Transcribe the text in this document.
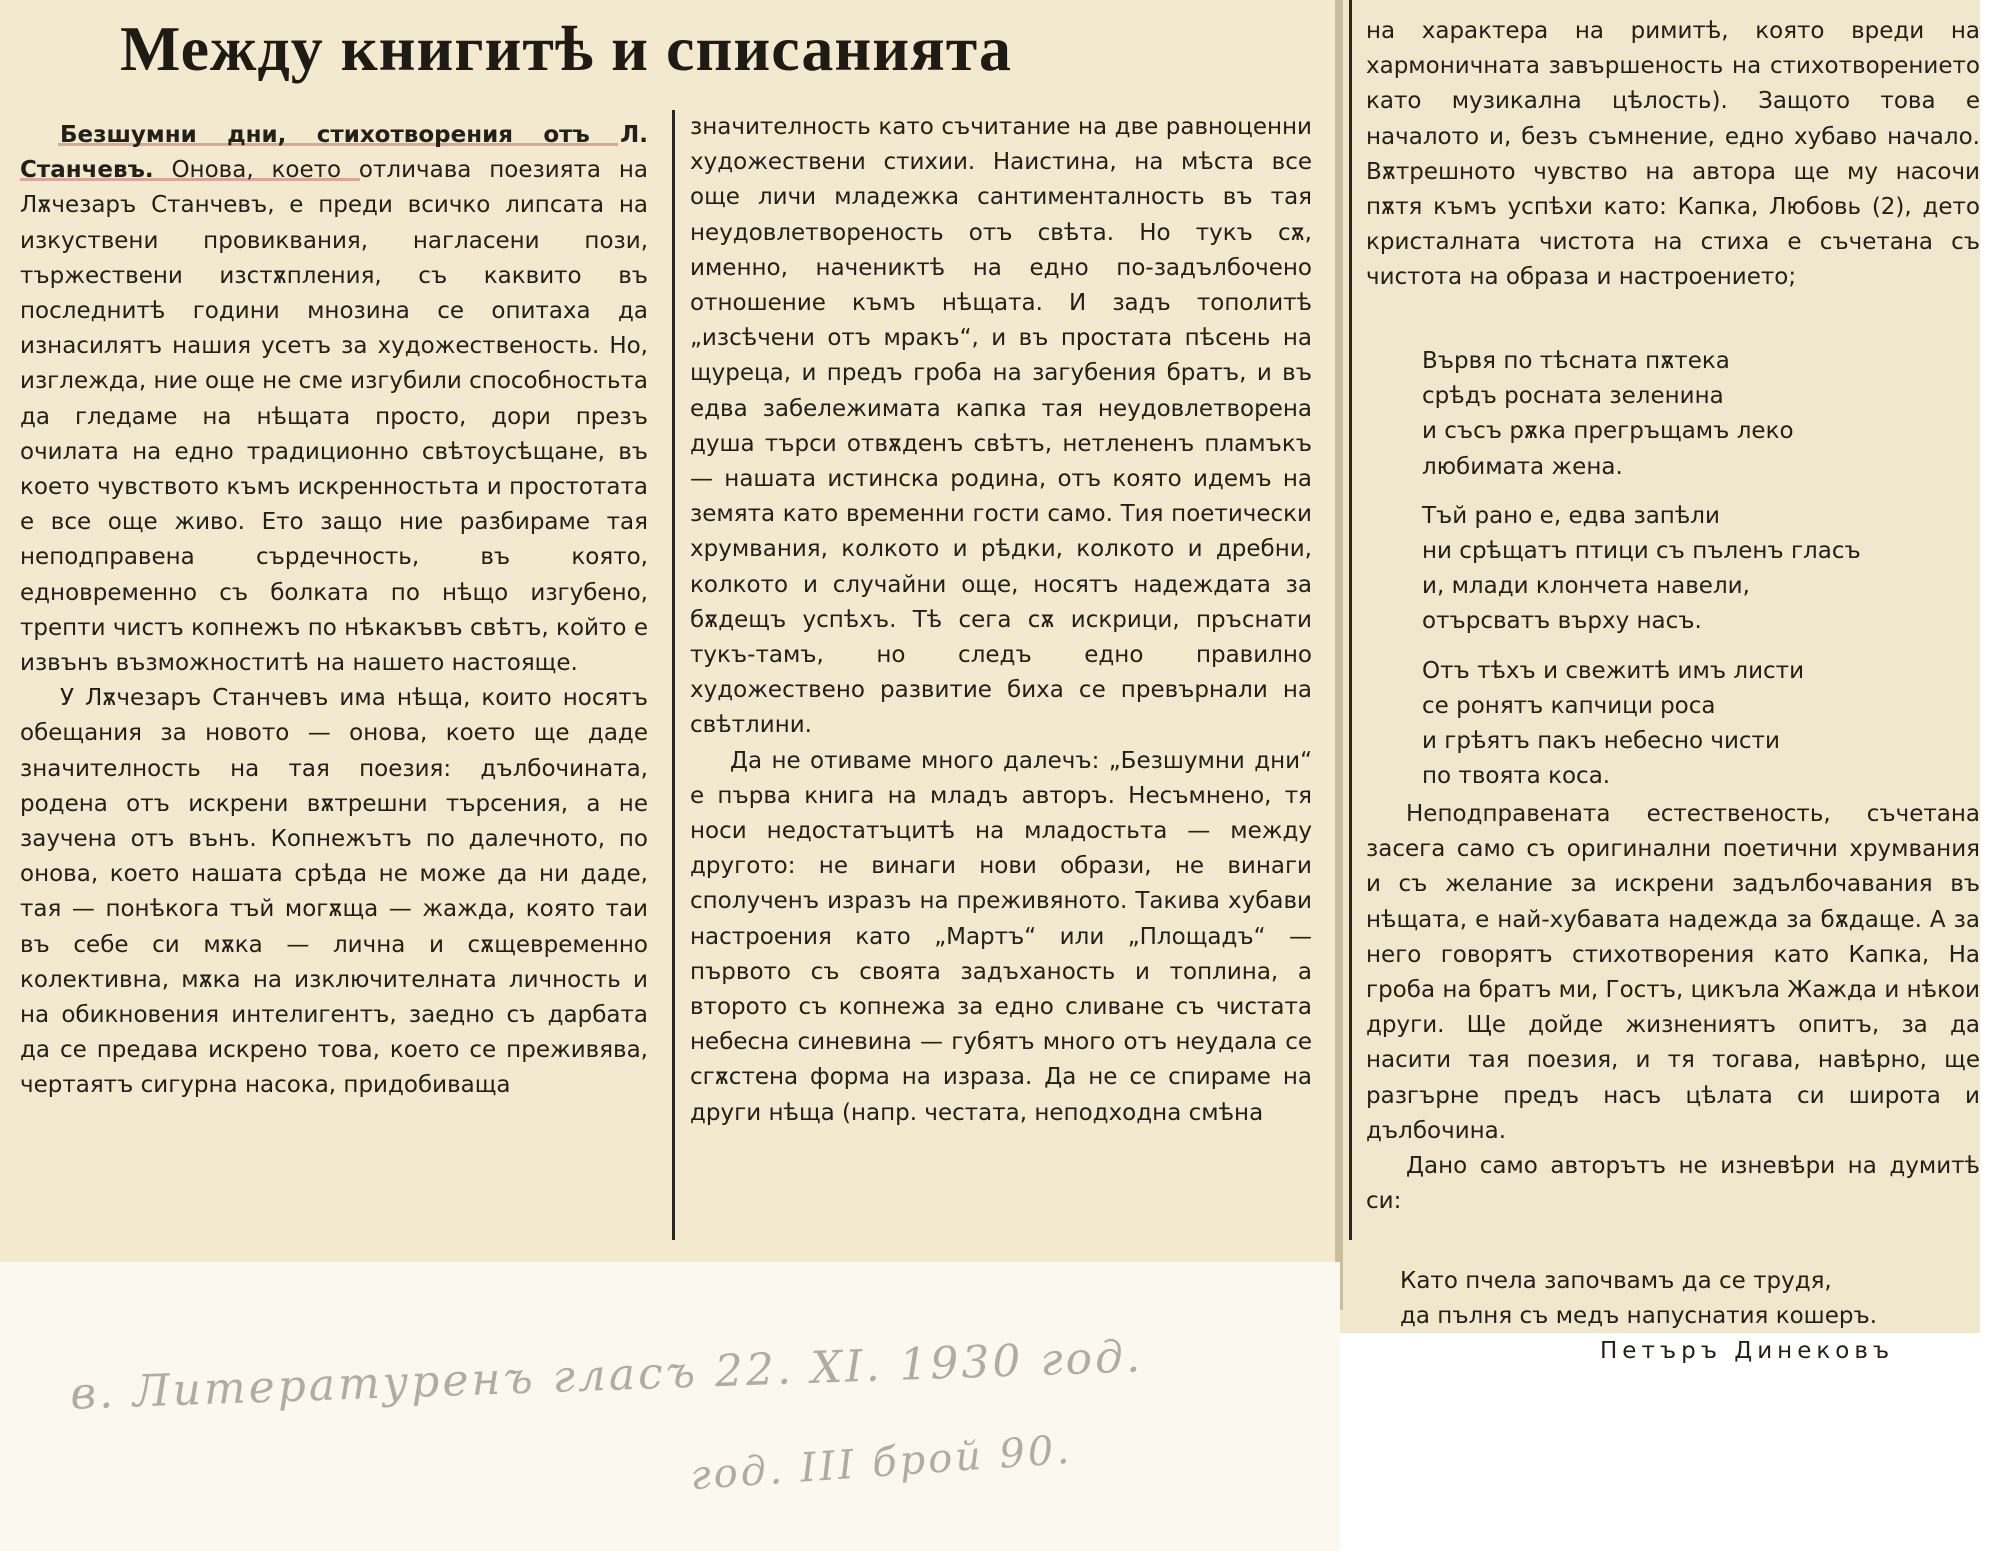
Между книгитѣ и списанията

Безшумни дни, стихотворения отъ Л. Станчевъ. Онова, което отличава поезията на Лѫчезаръ Станчевъ, е преди всичко липсата на изкуствени провиквания, нагласени пози, тържествени изстѫпления, съ каквито въ последнитѣ години мнозина се опитаха да изнасилятъ нашия усетъ за художественость. Но, изглежда, ние още не сме изгубили способностьта да гледаме на нѣщата просто, дори презъ очилата на едно традиционно свѣтоусѣщане, въ което чувството къмъ искренностьта и простотата е все още живо. Ето защо ние разбираме тая неподправена сърдечность, въ която, едновременно съ болката по нѣщо изгубено, трепти чистъ копнежъ по нѣкакъвъ свѣтъ, който е извънъ възможноститѣ на нашето настояще.

У Лѫчезаръ Станчевъ има нѣща, които носятъ обещания за новото — онова, което ще даде значителность на тая поезия: дълбочината, родена отъ искрени вѫтрешни търсения, а не заучена отъ вънъ. Копнежътъ по далечното, по онова, което нашата срѣда не може да ни даде, тая — понѣкога тъй могѫща — жажда, която таи въ себе си мѫка — лична и сѫщевременно колективна, мѫка на изключителната личность и на обикновения интелигентъ, заедно съ дарбата да се предава искрено това, което се преживява, чертаятъ сигурна насока, придобиваща

значителность като съчитание на две равноценни художествени стихии. Наистина, на мѣста все още личи младежка сантименталность въ тая неудовлетвореность отъ свѣта. Но тукъ сѫ, именно, начениктѣ на едно по-задълбочено отношение къмъ нѣщата. И задъ тополитѣ „изсѣчени отъ мракъ“, и въ простата пѣсень на щуреца, и предъ гроба на загубения братъ, и въ едва забележимата капка тая неудовлетворена душа търси отвѫденъ свѣтъ, нетлененъ пламъкъ — нашата истинска родина, отъ която идемъ на земята като временни гости само. Тия поетически хрумвания, колкото и рѣдки, колкото и дребни, колкото и случайни още, носятъ надеждата за бѫдещъ успѣхъ. Тѣ сега сѫ искрици, пръснати тукъ-тамъ, но следъ едно правилно художествено развитие биха се превърнали на свѣтлини.

Да не отиваме много далечъ: „Безшумни дни“ е първа книга на младъ авторъ. Несъмнено, тя носи недостатъцитѣ на младостьта — между другото: не винаги нови образи, не винаги сполученъ изразъ на преживяното. Такива хубави настроения като „Мартъ“ или „Площадъ“ — първото съ своята задъханость и топлина, а второто съ копнежа за едно сливане съ чистата небесна синевина — губятъ много отъ неудала се сгѫстена форма на израза. Да не се спираме на други нѣща (напр. честата, неподходна смѣна

на характера на римитѣ, която вреди на хармоничната завършеность на стихотворението като музикална цѣлость). Защото това е началото и, безъ съмнение, едно хубаво начало. Вѫтрешното чувство на автора ще му насочи пѫтя къмъ успѣхи като: Капка, Любовь (2), дето кристалната чистота на стиха е съчетана съ чистота на образа и настроението;

Вървя по тѣсната пѫтека
срѣдъ росната зеленина
и съсъ рѫка прегръщамъ леко
любимата жена.
Тъй рано е, едва запѣли
ни срѣщатъ птици съ пъленъ гласъ
и, млади клончета навели,
отърсватъ върху насъ.
Отъ тѣхъ и свежитѣ имъ листи
се ронятъ капчици роса
и грѣятъ пакъ небесно чисти
по твоята коса.

Неподправената естественость, съчетана засега само съ оригинални поетични хрумвания и съ желание за искрени задълбочавания въ нѣщата, е най-хубавата надежда за бѫдаще. А за него говорятъ стихотворения като Капка, На гроба на братъ ми, Гостъ, цикъла Жажда и нѣкои други. Ще дойде жизнениятъ опитъ, за да насити тая поезия, и тя тогава, навѣрно, ще разгърне предъ насъ цѣлата си широта и дълбочина.

Дано само авторътъ не изневѣри на думитѣ си:

Като пчела започвамъ да се трудя,
да пълня съ медъ напуснатия кошеръ.
Петъръ Динековъ
в. Литературенъ гласъ 22. XI. 1930 год.
год. III брой 90.
